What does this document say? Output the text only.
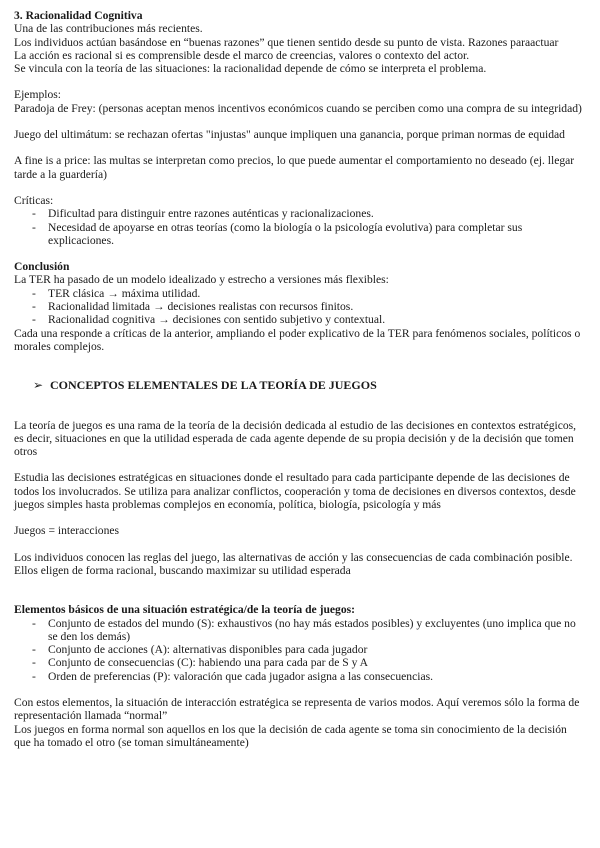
3. Racionalidad Cognitiva

Una de las contribuciones más recientes.

Los individuos actúan basándose en “buenas razones” que tienen sentido desde su punto de vista. Razones paraactuar

La acción es racional si es comprensible desde el marco de creencias, valores o contexto del actor.

Se vincula con la teoría de las situaciones: la racionalidad depende de cómo se interpreta el problema.

Ejemplos:

Paradoja de Frey: (personas aceptan menos incentivos económicos cuando se perciben como una compra de su integridad)

Juego del ultimátum: se rechazan ofertas "injustas" aunque impliquen una ganancia, porque priman normas de equidad

A fine is a price: las multas se interpretan como precios, lo que puede aumentar el comportamiento no deseado (ej. llegar tarde a la guardería)

Críticas:

- Dificultad para distinguir entre razones auténticas y racionalizaciones.
- Necesidad de apoyarse en otras teorías (como la biología o la psicología evolutiva) para completar sus explicaciones.

Conclusión

La TER ha pasado de un modelo idealizado y estrecho a versiones más flexibles:

- TER clásica → máxima utilidad.
- Racionalidad limitada → decisiones realistas con recursos finitos.
- Racionalidad cognitiva → decisiones con sentido subjetivo y contextual.

Cada una responde a críticas de la anterior, ampliando el poder explicativo de la TER para fenómenos sociales, políticos o morales complejos.

➢ CONCEPTOS ELEMENTALES DE LA TEORÍA DE JUEGOS

La teoría de juegos es una rama de la teoría de la decisión dedicada al estudio de las decisiones en contextos estratégicos, es decir, situaciones en que la utilidad esperada de cada agente depende de su propia decisión y de la decisión que tomen otros

Estudia las decisiones estratégicas en situaciones donde el resultado para cada participante depende de las decisiones de todos los involucrados. Se utiliza para analizar conflictos, cooperación y toma de decisiones en diversos contextos, desde juegos simples hasta problemas complejos en economía, política, biología, psicología y más

Juegos = interacciones

Los individuos conocen las reglas del juego, las alternativas de acción y las consecuencias de cada combinación posible. Ellos eligen de forma racional, buscando maximizar su utilidad esperada

Elementos básicos de una situación estratégica/de la teoría de juegos:

- Conjunto de estados del mundo (S): exhaustivos (no hay más estados posibles) y excluyentes (uno implica que no se den los demás)
- Conjunto de acciones (A): alternativas disponibles para cada jugador
- Conjunto de consecuencias (C): habiendo una para cada par de S y A
- Orden de preferencias (P): valoración que cada jugador asigna a las consecuencias.

Con estos elementos, la situación de interacción estratégica se representa de varios modos. Aquí veremos sólo la forma de representación llamada “normal”

Los juegos en forma normal son aquellos en los que la decisión de cada agente se toma sin conocimiento de la decisión que ha tomado el otro (se toman simultáneamente)
